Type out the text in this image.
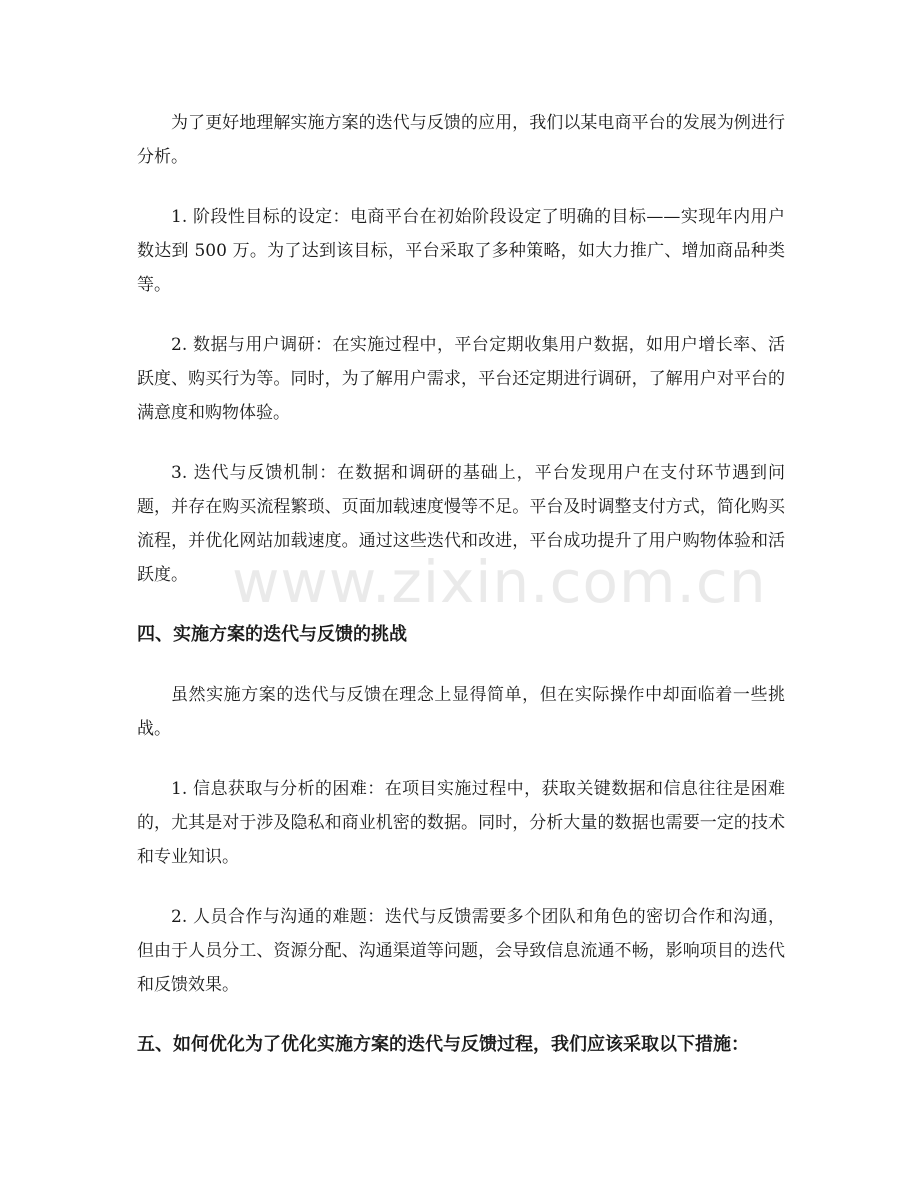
为了更好地理解实施方案的迭代与反馈的应用，我们以某电商平台的发展为例进行分析。

1. 阶段性目标的设定：电商平台在初始阶段设定了明确的目标——实现年内用户数达到 500 万。为了达到该目标，平台采取了多种策略，如大力推广、增加商品种类等。

2. 数据与用户调研：在实施过程中，平台定期收集用户数据，如用户增长率、活跃度、购买行为等。同时，为了解用户需求，平台还定期进行调研，了解用户对平台的满意度和购物体验。

3. 迭代与反馈机制：在数据和调研的基础上，平台发现用户在支付环节遇到问题，并存在购买流程繁琐、页面加载速度慢等不足。平台及时调整支付方式，简化购买流程，并优化网站加载速度。通过这些迭代和改进，平台成功提升了用户购物体验和活跃度。

四、实施方案的迭代与反馈的挑战

虽然实施方案的迭代与反馈在理念上显得简单，但在实际操作中却面临着一些挑战。

1. 信息获取与分析的困难：在项目实施过程中，获取关键数据和信息往往是困难的，尤其是对于涉及隐私和商业机密的数据。同时，分析大量的数据也需要一定的技术和专业知识。

2. 人员合作与沟通的难题：迭代与反馈需要多个团队和角色的密切合作和沟通，但由于人员分工、资源分配、沟通渠道等问题，会导致信息流通不畅，影响项目的迭代和反馈效果。

五、如何优化为了优化实施方案的迭代与反馈过程，我们应该采取以下措施：
www.zixin.com.cn
